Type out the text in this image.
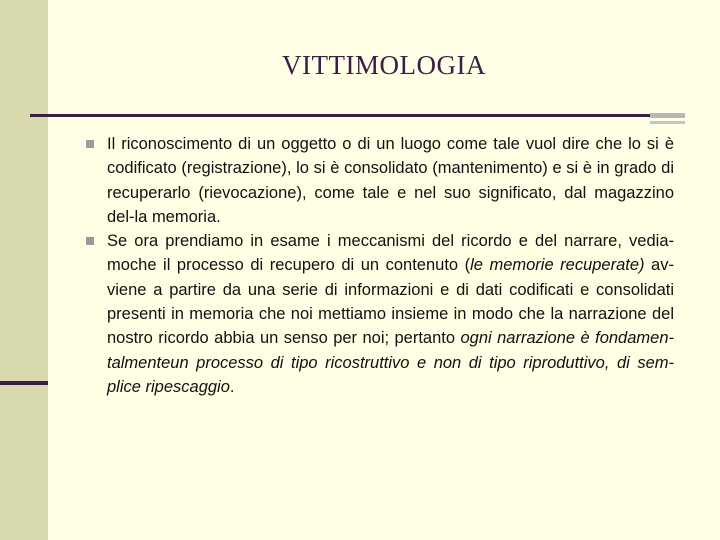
VITTIMOLOGIA
Il riconoscimento di un oggetto o di un luogo come tale vuol dire che lo si è codificato (registrazione), lo si è consolidato (mantenimento) e si è in grado di recuperarlo (rievocazione), come tale e nel suo significato, dal magazzino del-la memoria.
Se ora prendiamo in esame i meccanismi del ricordo e del narrare, vedia-moche il processo di recupero di un contenuto (le memorie recuperate) av-viene a partire da una serie di informazioni e di dati codificati e consolidati presenti in memoria che noi mettiamo insieme in modo che la narrazione del nostro ricordo abbia un senso per noi; pertanto ogni narrazione è fondamen-talmenteun processo di tipo ricostruttivo e non di tipo riproduttivo, di sem-plice ripescaggio.
